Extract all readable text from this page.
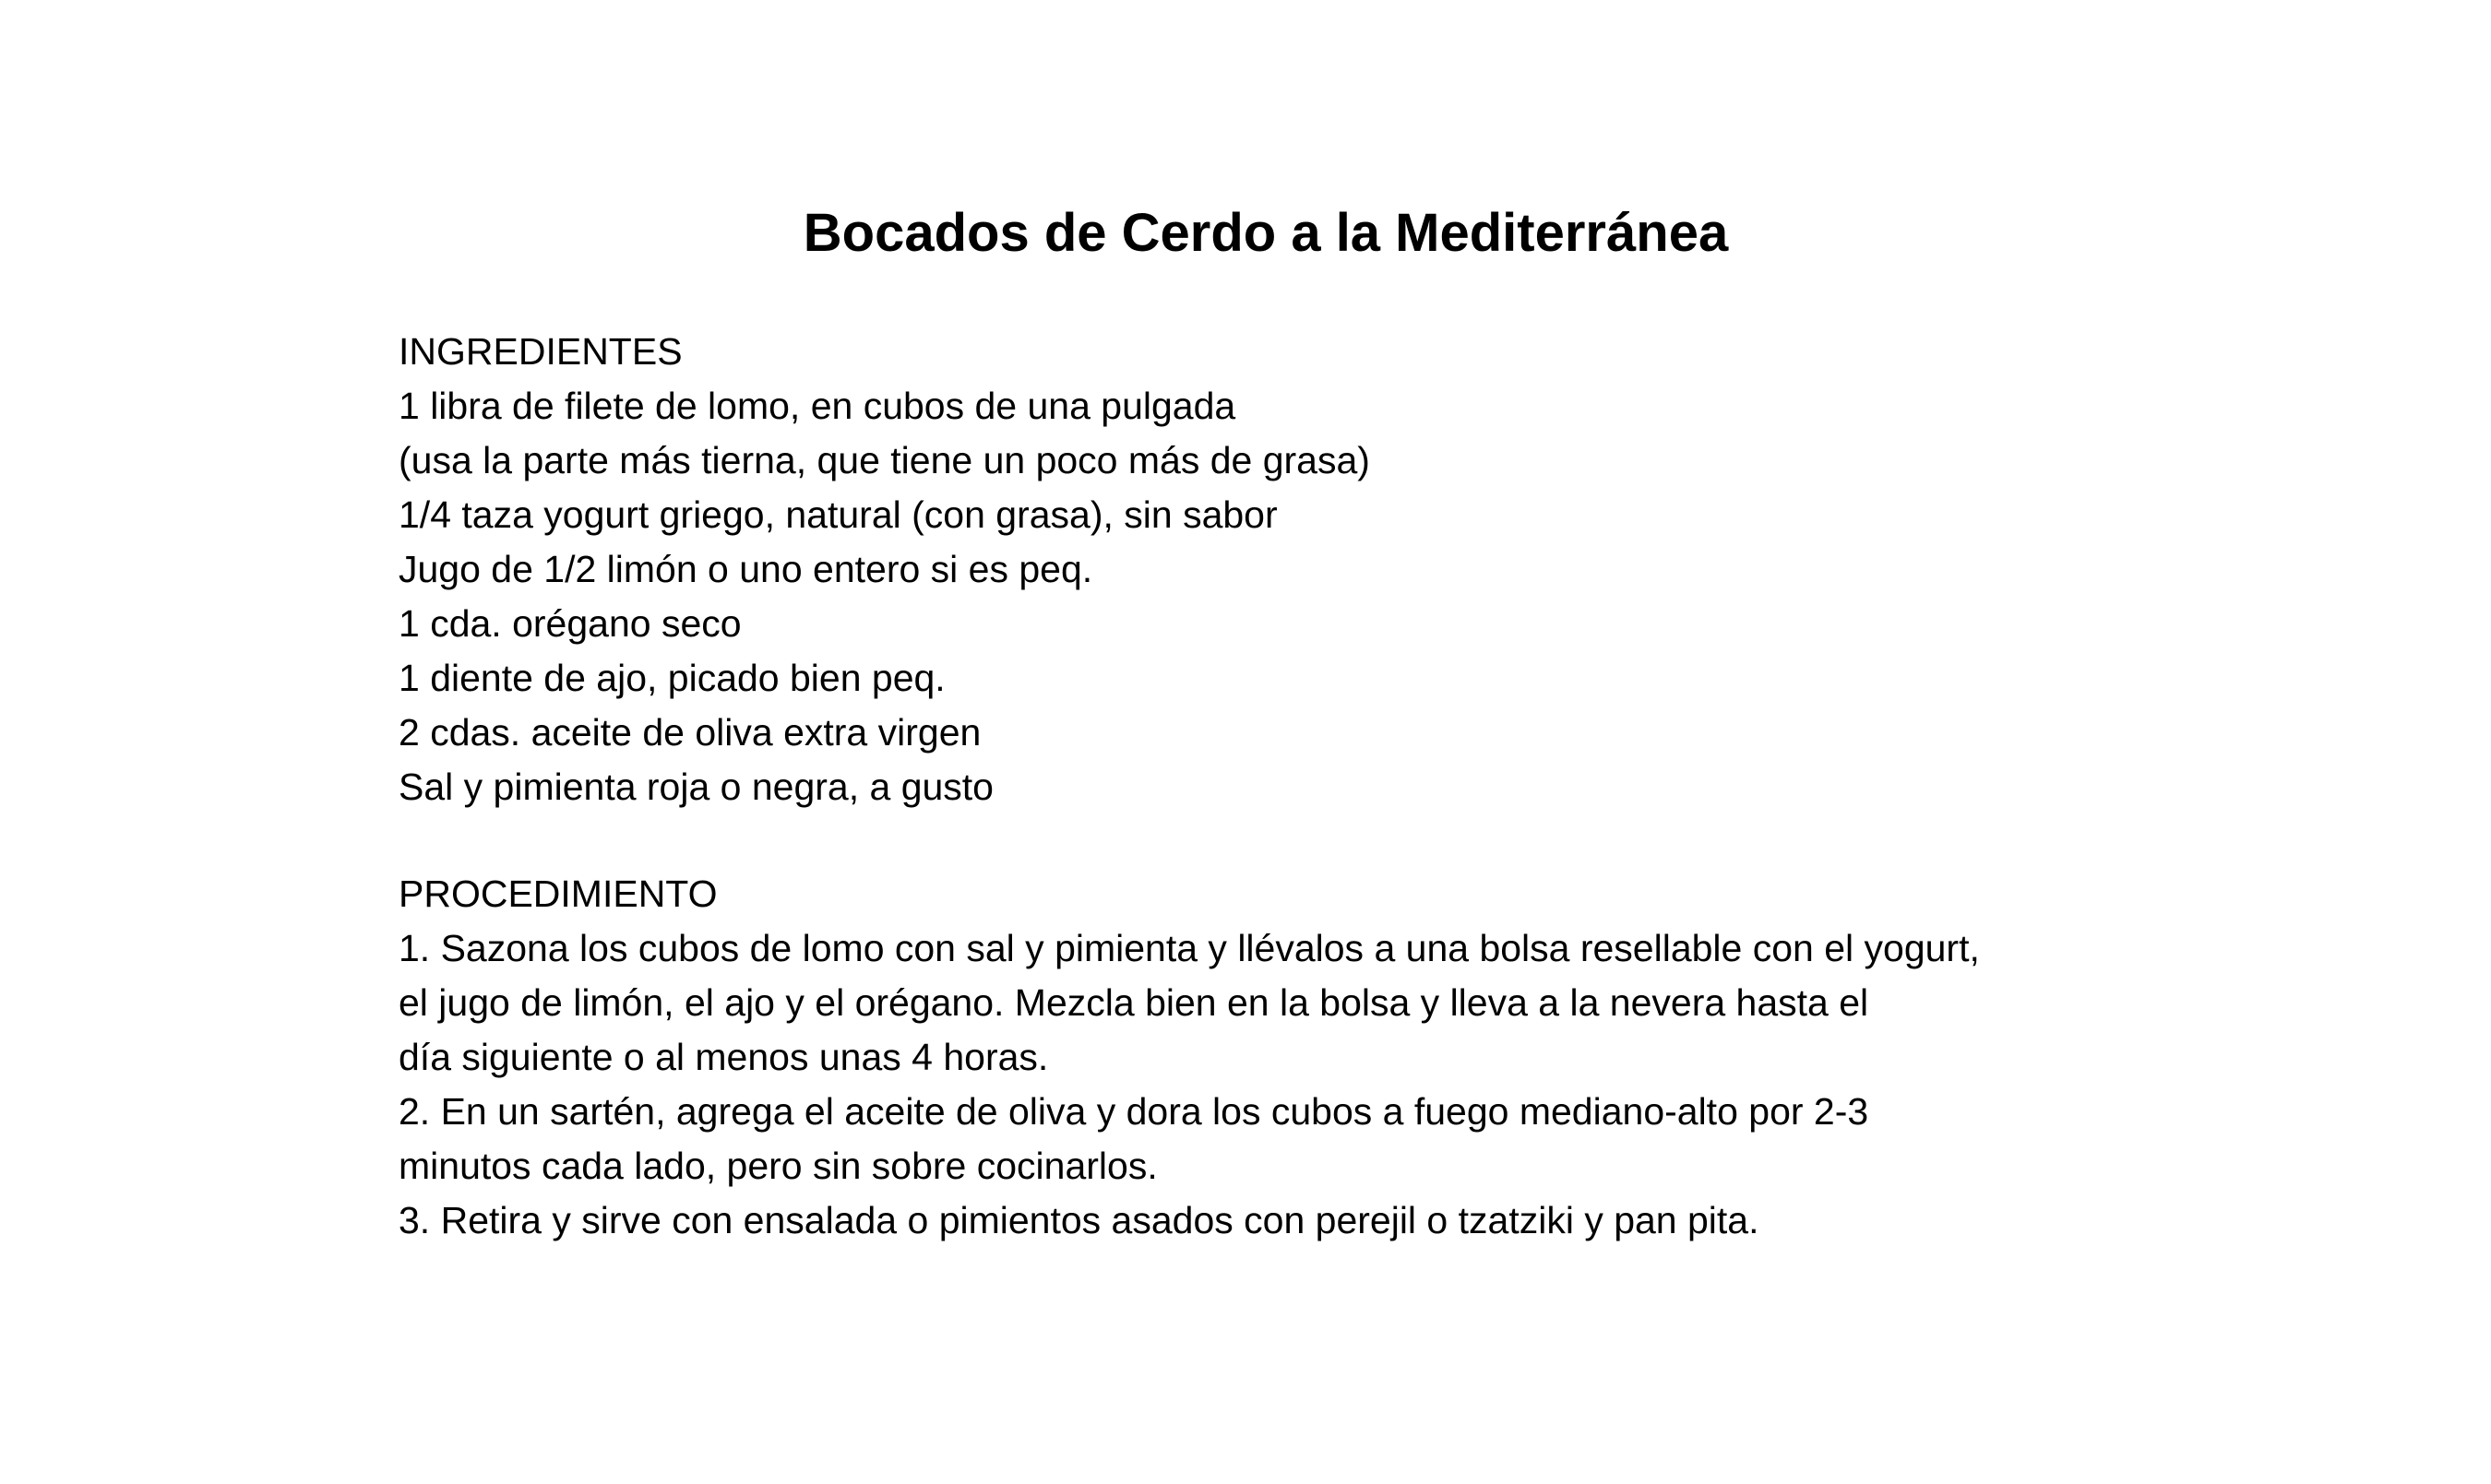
Bocados de Cerdo a la Mediterránea
INGREDIENTES
1 libra de filete de lomo, en cubos de una pulgada
(usa la parte más tierna, que tiene un poco más de grasa)
1/4 taza yogurt griego, natural (con grasa), sin sabor
Jugo de 1/2 limón o uno entero si es peq.
1 cda. orégano seco
1 diente de ajo, picado bien peq.
2 cdas. aceite de oliva extra virgen
Sal y pimienta roja o negra, a gusto
PROCEDIMIENTO
1. Sazona los cubos de lomo con sal y pimienta y llévalos a una bolsa resellable con el yogurt,
el jugo de limón, el ajo y el orégano. Mezcla bien en la bolsa y lleva a la nevera hasta el
día siguiente o al menos unas 4 horas.
2. En un sartén, agrega el aceite de oliva y dora los cubos a fuego mediano-alto por 2-3
minutos cada lado, pero sin sobre cocinarlos.
3. Retira y sirve con ensalada o pimientos asados con perejil o tzatziki y pan pita.
